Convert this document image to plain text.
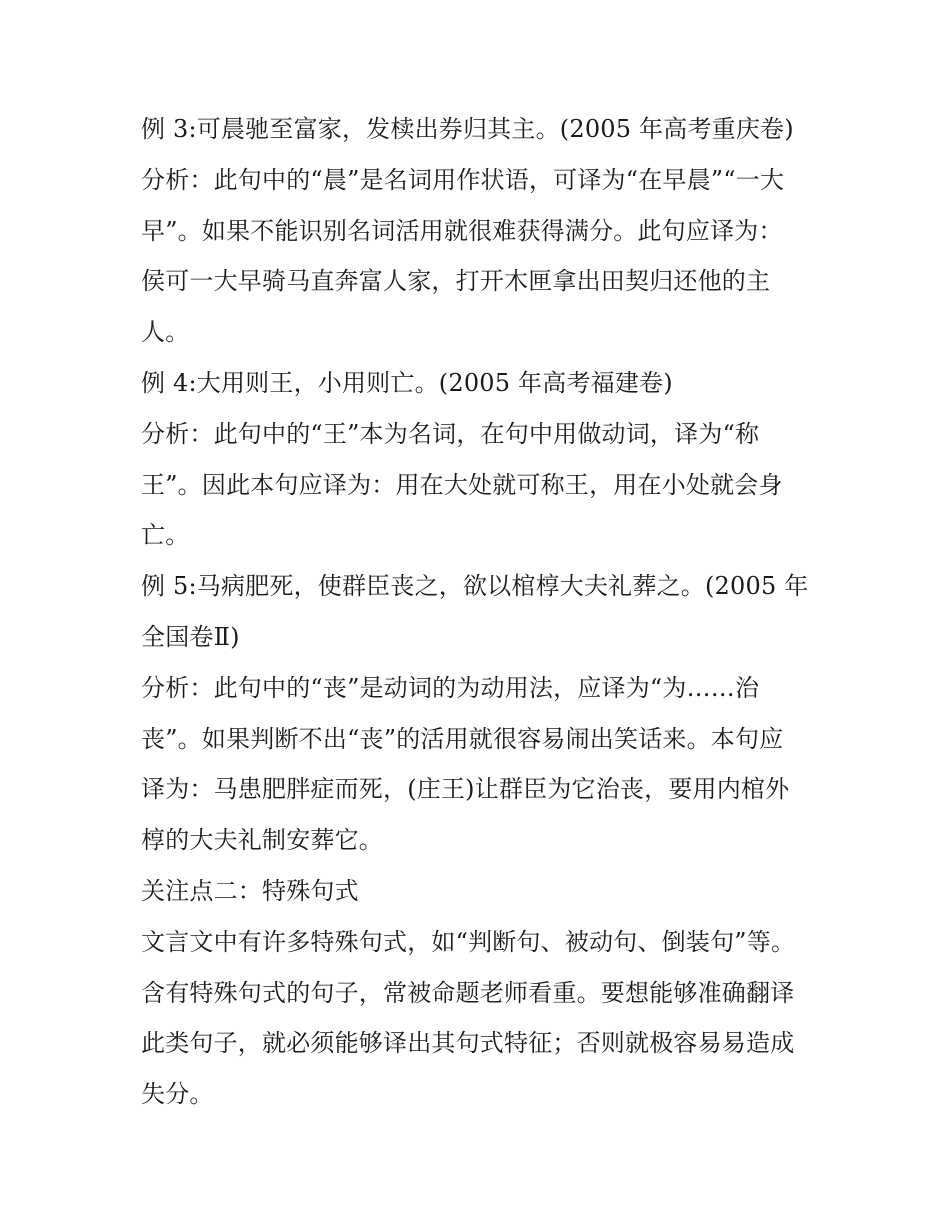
例 3:可晨驰至富家，发椟出券归其主。(2005 年高考重庆卷)
分析：此句中的“晨”是名词用作状语，可译为“在早晨”“一大
早”。如果不能识别名词活用就很难获得满分。此句应译为：
侯可一大早骑马直奔富人家，打开木匣拿出田契归还他的主
人。
例 4:大用则王，小用则亡。(2005 年高考福建卷)
分析：此句中的“王”本为名词，在句中用做动词，译为“称
王”。因此本句应译为：用在大处就可称王，用在小处就会身
亡。
例 5:马病肥死，使群臣丧之，欲以棺椁大夫礼葬之。(2005 年
全国卷Ⅱ)
分析：此句中的“丧”是动词的为动用法，应译为“为……治
丧”。如果判断不出“丧”的活用就很容易闹出笑话来。本句应
译为：马患肥胖症而死，(庄王)让群臣为它治丧，要用内棺外
椁的大夫礼制安葬它。
关注点二：特殊句式
文言文中有许多特殊句式，如“判断句、被动句、倒装句”等。
含有特殊句式的句子，常被命题老师看重。要想能够准确翻译
此类句子，就必须能够译出其句式特征；否则就极容易易造成
失分。
